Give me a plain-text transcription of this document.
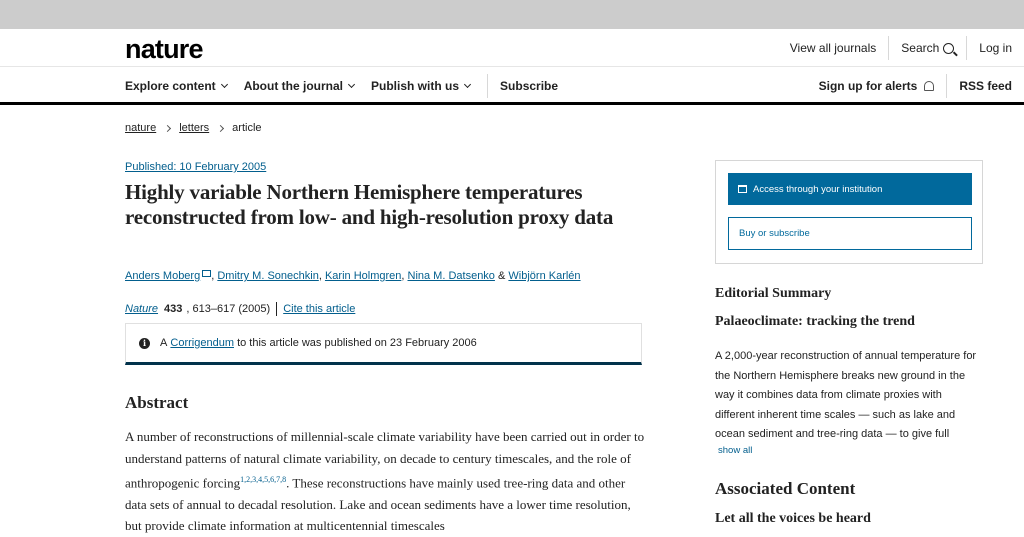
nature	View all journals Search	Log in
Explore content About the journal Publish with us	Subscribe	Sign up for alerts	RSS feed
nature letters article
Published: 10 February 2005
Highly variable Northern Hemisphere temperatures reconstructed from low- and high-resolution proxy data
Anders Moberg , Dmitry M. Sonechkin, Karin Holmgren, Nina M. Datsenko & Wibjörn Karlén
Nature 433 , 613–617 (2005) Cite this article
i	A
Corrigendum
to this article was published on 23 February 2006
Abstract

A number of reconstructions of millennial-scale climate variability have been carried out in order to understand patterns of natural climate variability, on decade to century timescales, and the role of anthropogenic forcing$^{1,2,3,4,5,6,7,8}$. These reconstructions have mainly used tree-ring data and other data sets of annual to decadal resolution. Lake and ocean sediments have a lower time resolution, but provide climate information at multicentennial timescales

Access through your institution
Buy or subscribe
Editorial Summary
Palaeoclimate: tracking the trend

A 2,000-year reconstruction of annual temperature for the Northern Hemisphere breaks new ground in the way it combines data from climate proxies with different inherent time scales — such as lake and ocean sediment and tree-ring data — to give full

show all
Associated Content
Let all the voices be heard
